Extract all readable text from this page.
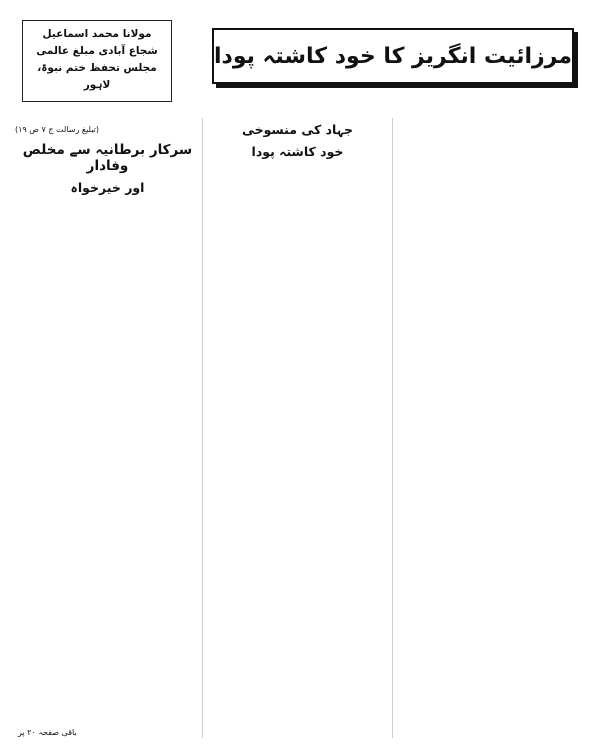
مولانا محمد اسماعیل
شجاع آبادی مبلغ عالمی
مجلس تحفظ ختم نبوۃ، لاہور
مرزائیت انگریز کا خود کاشتہ پودا

جہاد کی منسوخی

خود کاشتہ پودا

(تبلیغ رسالت ج ۷ ص ۱۹)
سرکار برطانیہ سے مخلص وفادار
اور خیرخواہ

باقی صفحہ ۲۰ پر
